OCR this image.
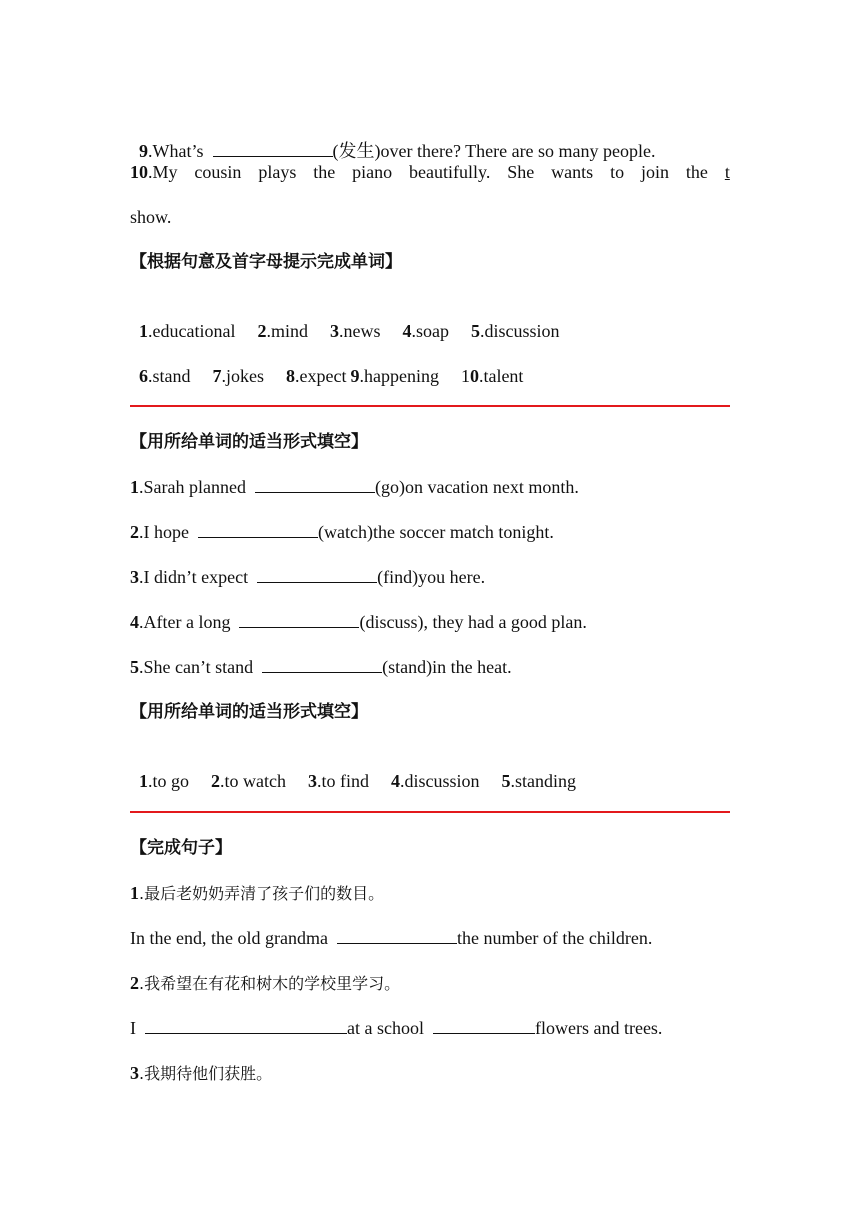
9.What’s	(发生)over there? There are so many people.

10.My cousin plays the piano beautifully. She wants to join the t
show.
【根据句意及首字母提示完成单词】

1.educational 2.mind 3.news 4.soap 5.discussion

6.stand 7.jokes 8.expect 9.happening 10.talent

【用所给单词的适当形式填空】
1.Sarah planned	(go)on vacation next month.
2.I hope	(watch)the soccer match tonight.
3.I didn’t expect	(find)you here.
4.After a long	(discuss), they had a good plan.
5.She can’t stand	(stand)in the heat.
【用所给单词的适当形式填空】

1.to go 2.to watch 3.to find 4.discussion 5.standing

【完成句子】
1.最后老奶奶弄清了孩子们的数目。
In the end, the old grandma	the number of the children.
2.我希望在有花和树木的学校里学习。
I	at a school	flowers and trees.
3.我期待他们获胜。
